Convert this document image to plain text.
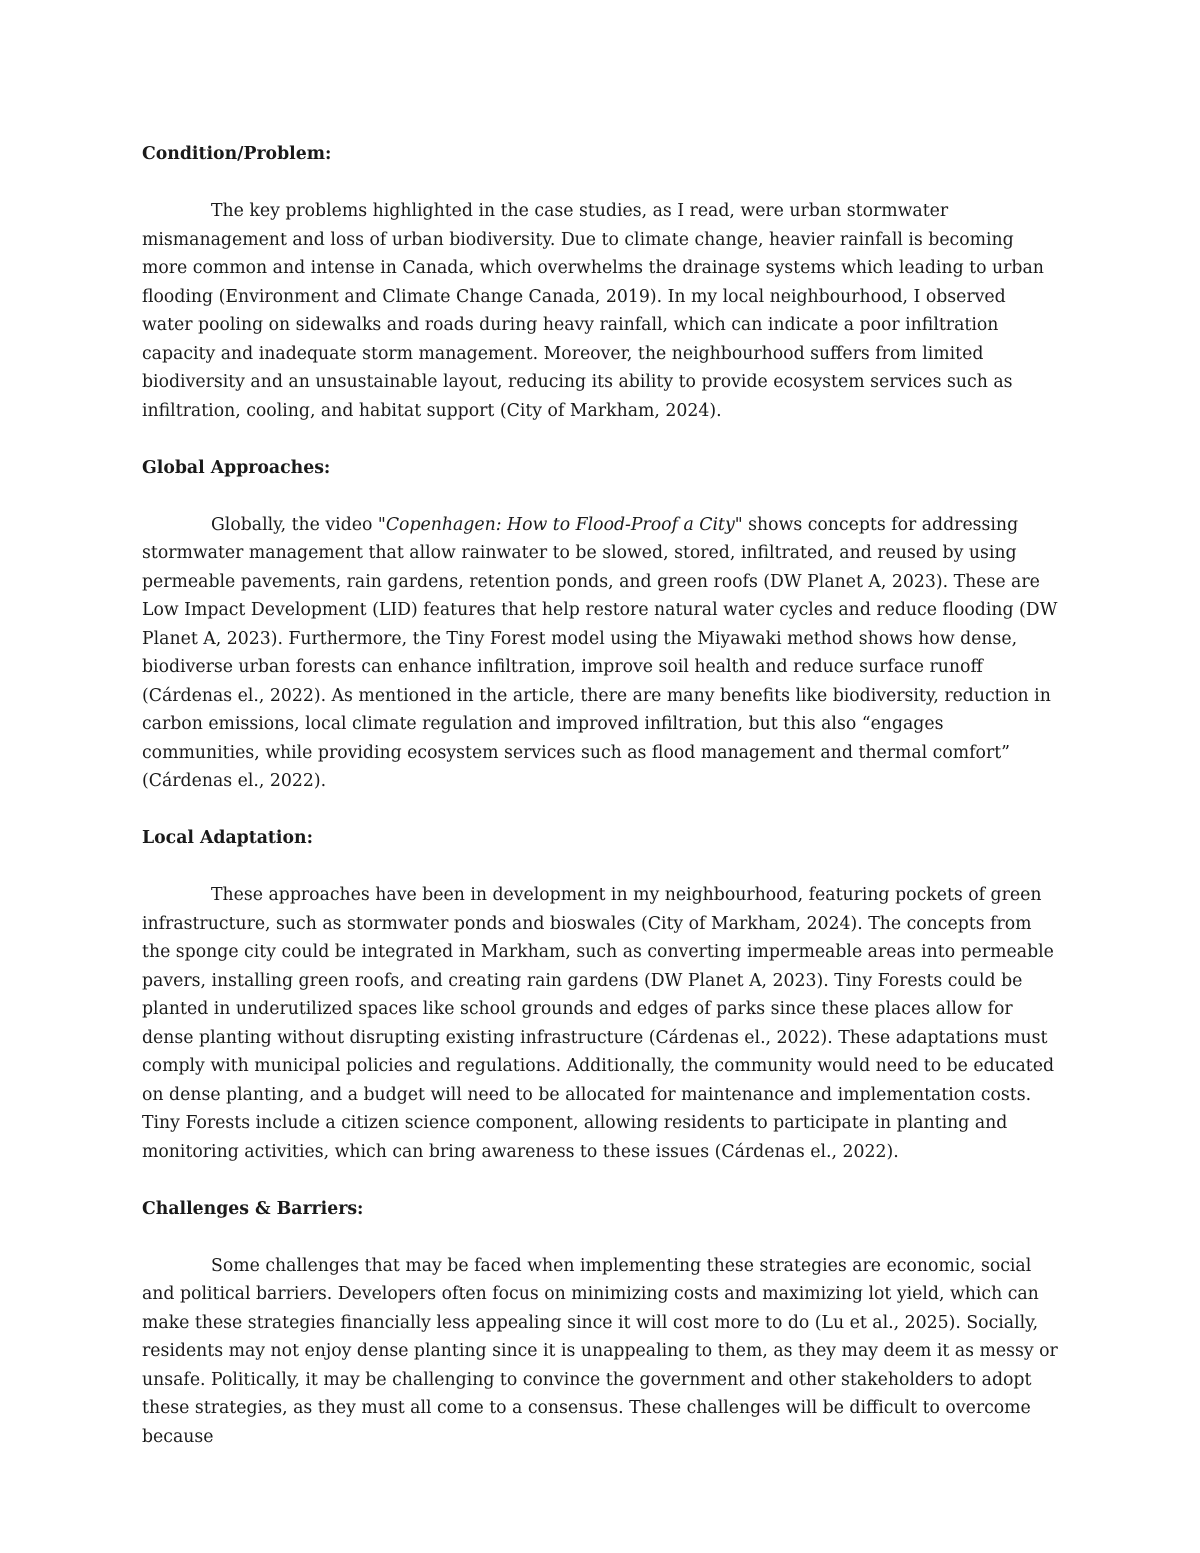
Condition/Problem:
The key problems highlighted in the case studies, as I read, were urban stormwater mismanagement and loss of urban biodiversity. Due to climate change, heavier rainfall is becoming more common and intense in Canada, which overwhelms the drainage systems which leading to urban flooding (Environment and Climate Change Canada, 2019). In my local neighbourhood, I observed water pooling on sidewalks and roads during heavy rainfall, which can indicate a poor infiltration capacity and inadequate storm management. Moreover, the neighbourhood suffers from limited biodiversity and an unsustainable layout, reducing its ability to provide ecosystem services such as infiltration, cooling, and habitat support (City of Markham, 2024).
Global Approaches:
Globally, the video "Copenhagen: How to Flood-Proof a City" shows concepts for addressing stormwater management that allow rainwater to be slowed, stored, infiltrated, and reused by using permeable pavements, rain gardens, retention ponds, and green roofs (DW Planet A, 2023). These are Low Impact Development (LID) features that help restore natural water cycles and reduce flooding (DW Planet A, 2023). Furthermore, the Tiny Forest model using the Miyawaki method shows how dense, biodiverse urban forests can enhance infiltration, improve soil health and reduce surface runoff (Cárdenas el., 2022). As mentioned in the article, there are many benefits like biodiversity, reduction in carbon emissions, local climate regulation and improved infiltration, but this also “engages communities, while providing ecosystem services such as flood management and thermal comfort” (Cárdenas el., 2022).
Local Adaptation:
These approaches have been in development in my neighbourhood, featuring pockets of green infrastructure, such as stormwater ponds and bioswales (City of Markham, 2024). The concepts from the sponge city could be integrated in Markham, such as converting impermeable areas into permeable pavers, installing green roofs, and creating rain gardens (DW Planet A, 2023). Tiny Forests could be planted in underutilized spaces like school grounds and edges of parks since these places allow for dense planting without disrupting existing infrastructure (Cárdenas el., 2022). These adaptations must comply with municipal policies and regulations. Additionally, the community would need to be educated on dense planting, and a budget will need to be allocated for maintenance and implementation costs. Tiny Forests include a citizen science component, allowing residents to participate in planting and monitoring activities, which can bring awareness to these issues (Cárdenas el., 2022).
Challenges & Barriers:
Some challenges that may be faced when implementing these strategies are economic, social and political barriers. Developers often focus on minimizing costs and maximizing lot yield, which can make these strategies financially less appealing since it will cost more to do (Lu et al., 2025). Socially, residents may not enjoy dense planting since it is unappealing to them, as they may deem it as messy or unsafe. Politically, it may be challenging to convince the government and other stakeholders to adopt these strategies, as they must all come to a consensus. These challenges will be difficult to overcome because
